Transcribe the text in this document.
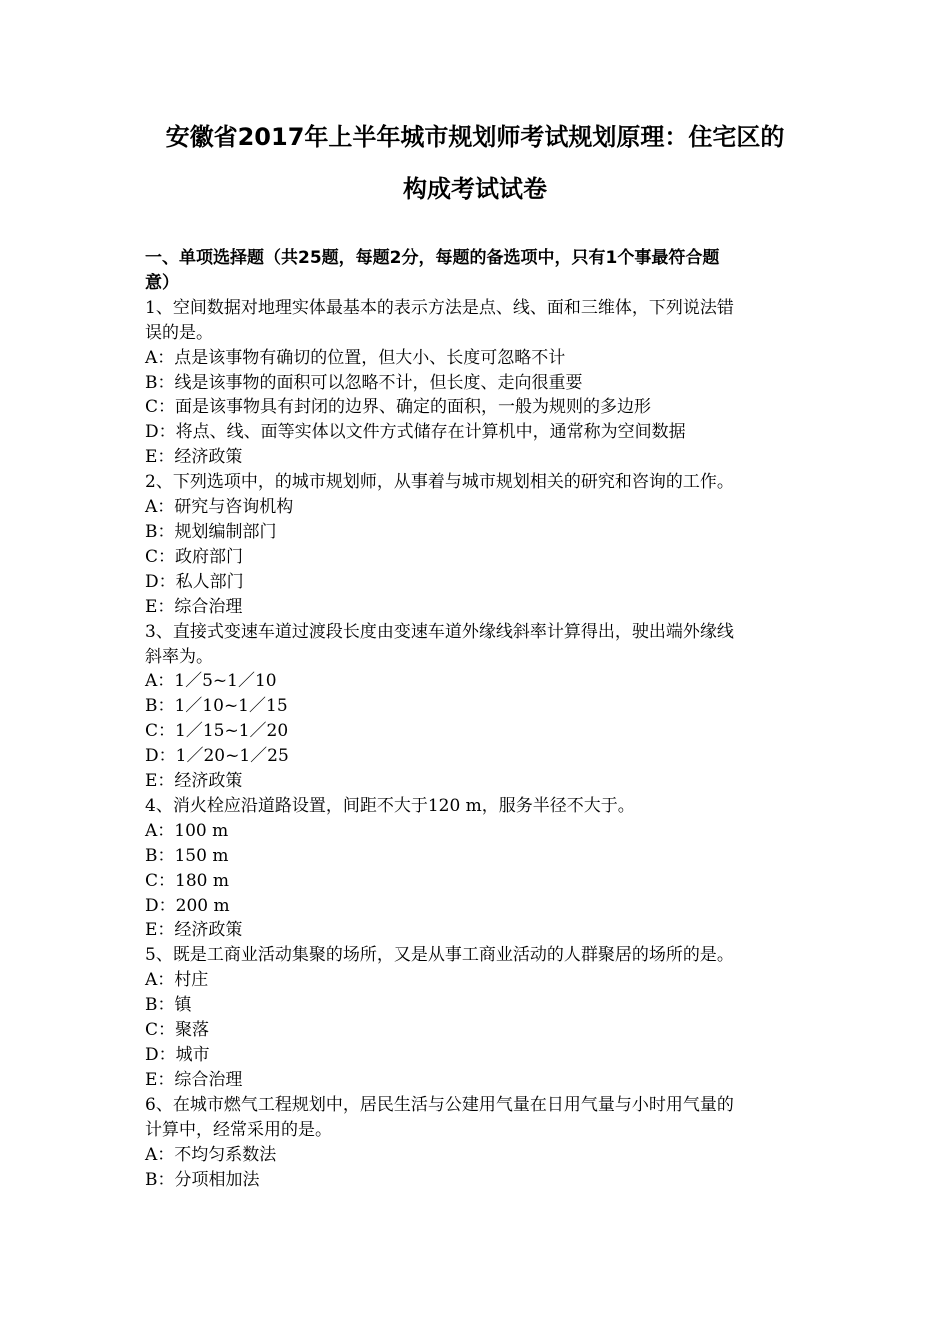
安徽省2017年上半年城市规划师考试规划原理：住宅区的
构成考试试卷
一、单项选择题（共25题，每题2分，每题的备选项中，只有1个事最符合题
意）
1、空间数据对地理实体最基本的表示方法是点、线、面和三维体，下列说法错
误的是。
A：点是该事物有确切的位置，但大小、长度可忽略不计
B：线是该事物的面积可以忽略不计，但长度、走向很重要
C：面是该事物具有封闭的边界、确定的面积，一般为规则的多边形
D：将点、线、面等实体以文件方式储存在计算机中，通常称为空间数据
E：经济政策
2、下列选项中，的城市规划师，从事着与城市规划相关的研究和咨询的工作。
A：研究与咨询机构
B：规划编制部门
C：政府部门
D：私人部门
E：综合治理
3、直接式变速车道过渡段长度由变速车道外缘线斜率计算得出，驶出端外缘线
斜率为。
A：1／5~1／10
B：1／10~1／15
C：1／15~1／20
D：1／20~1／25
E：经济政策
4、消火栓应沿道路设置，间距不大于120 m，服务半径不大于。
A：100 m
B：150 m
C：180 m
D：200 m
E：经济政策
5、既是工商业活动集聚的场所，又是从事工商业活动的人群聚居的场所的是。
A：村庄
B：镇
C：聚落
D：城市
E：综合治理
6、在城市燃气工程规划中，居民生活与公建用气量在日用气量与小时用气量的
计算中，经常采用的是。
A：不均匀系数法
B：分项相加法
